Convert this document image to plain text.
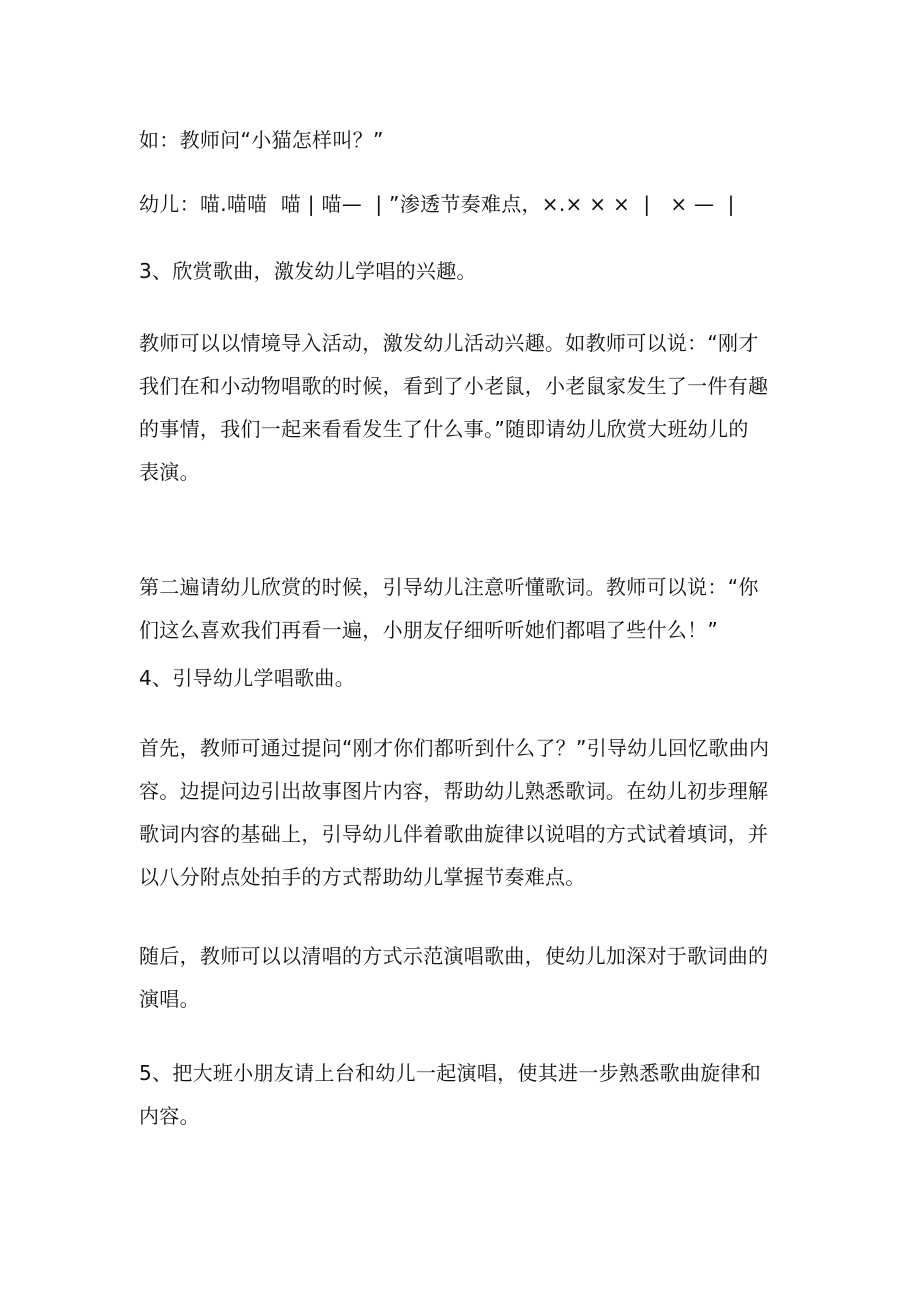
如：教师问“小猫怎样叫？”

幼儿：喵.喵喵  喵 | 喵—  | ”渗透节奏难点，×.× × ×  |   × —  |

3、欣赏歌曲，激发幼儿学唱的兴趣。

教师可以以情境导入活动，激发幼儿活动兴趣。如教师可以说：“刚才
我们在和小动物唱歌的时候，看到了小老鼠，小老鼠家发生了一件有趣
的事情，我们一起来看看发生了什么事。”随即请幼儿欣赏大班幼儿的
表演。

第二遍请幼儿欣赏的时候，引导幼儿注意听懂歌词。教师可以说：“你
们这么喜欢我们再看一遍，小朋友仔细听听她们都唱了些什么！”

4、引导幼儿学唱歌曲。

首先，教师可通过提问“刚才你们都听到什么了？”引导幼儿回忆歌曲内
容。边提问边引出故事图片内容，帮助幼儿熟悉歌词。在幼儿初步理解
歌词内容的基础上，引导幼儿伴着歌曲旋律以说唱的方式试着填词，并
以八分附点处拍手的方式帮助幼儿掌握节奏难点。

随后，教师可以以清唱的方式示范演唱歌曲，使幼儿加深对于歌词曲的
演唱。

5、把大班小朋友请上台和幼儿一起演唱，使其进一步熟悉歌曲旋律和
内容。
